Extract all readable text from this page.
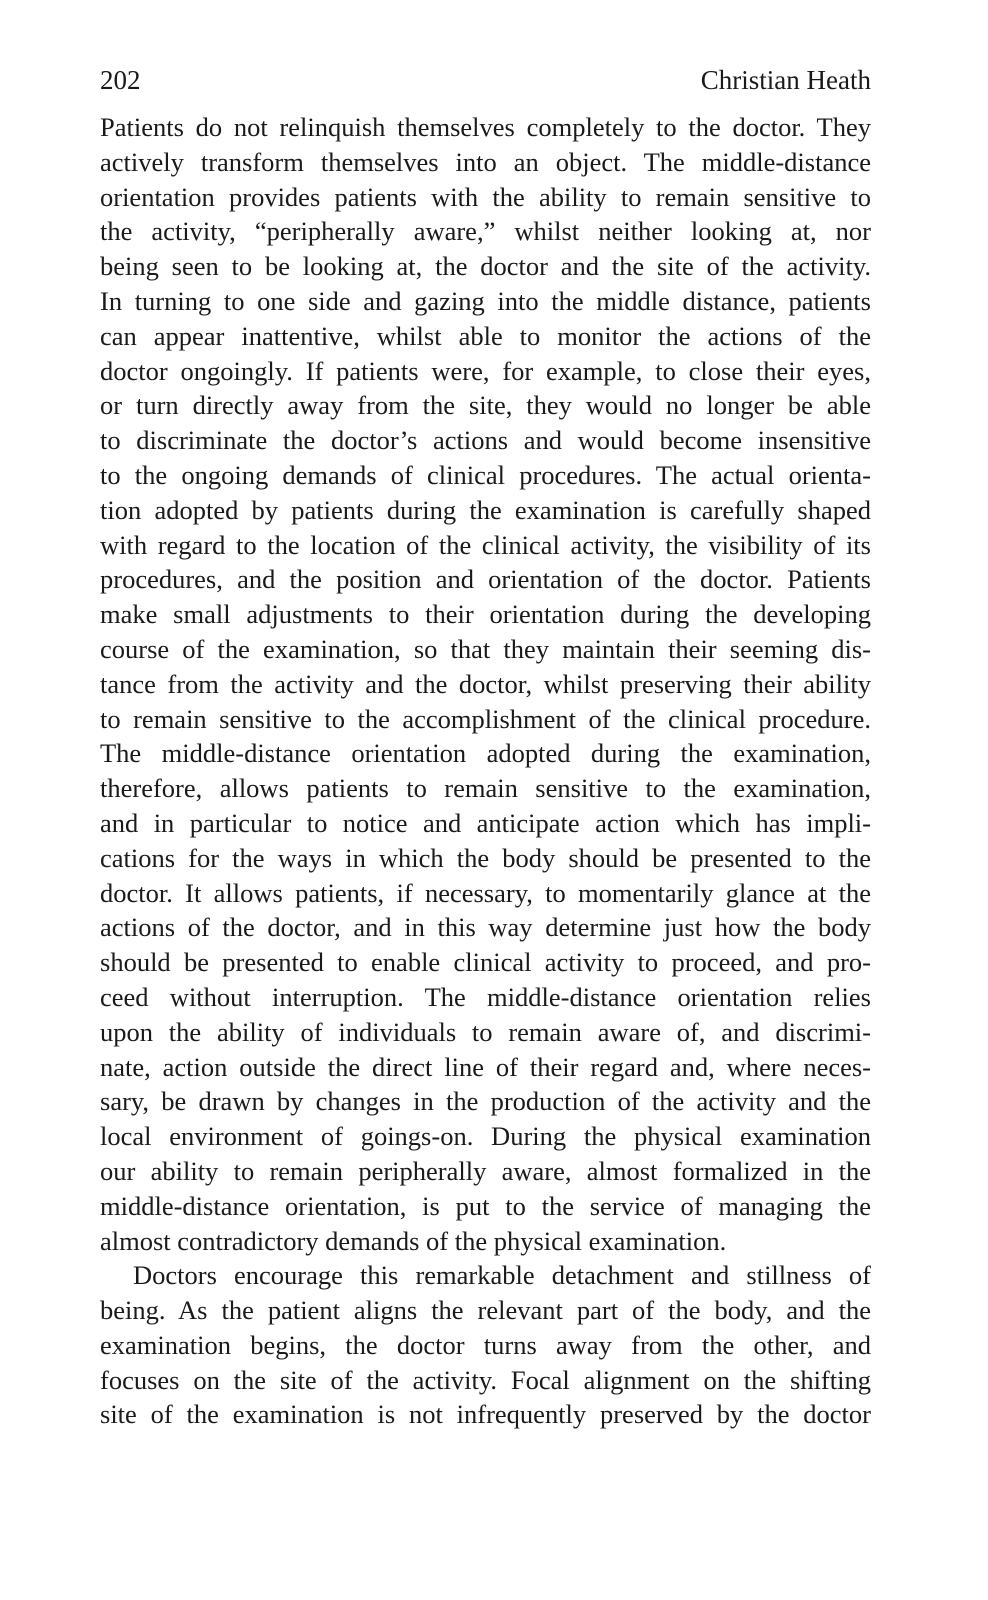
202	Christian Heath
Patients do not relinquish themselves completely to the doctor. They
actively transform themselves into an object. The middle-distance
orientation provides patients with the ability to remain sensitive to
the activity, “peripherally aware,” whilst neither looking at, nor
being seen to be looking at, the doctor and the site of the activity.
In turning to one side and gazing into the middle distance, patients
can appear inattentive, whilst able to monitor the actions of the
doctor ongoingly. If patients were, for example, to close their eyes,
or turn directly away from the site, they would no longer be able
to discriminate the doctor’s actions and would become insensitive
to the ongoing demands of clinical procedures. The actual orienta-
tion adopted by patients during the examination is carefully shaped
with regard to the location of the clinical activity, the visibility of its
procedures, and the position and orientation of the doctor. Patients
make small adjustments to their orientation during the developing
course of the examination, so that they maintain their seeming dis-
tance from the activity and the doctor, whilst preserving their ability
to remain sensitive to the accomplishment of the clinical procedure.
The middle-distance orientation adopted during the examination,
therefore, allows patients to remain sensitive to the examination,
and in particular to notice and anticipate action which has impli-
cations for the ways in which the body should be presented to the
doctor. It allows patients, if necessary, to momentarily glance at the
actions of the doctor, and in this way determine just how the body
should be presented to enable clinical activity to proceed, and pro-
ceed without interruption. The middle-distance orientation relies
upon the ability of individuals to remain aware of, and discrimi-
nate, action outside the direct line of their regard and, where neces-
sary, be drawn by changes in the production of the activity and the
local environment of goings-on. During the physical examination
our ability to remain peripherally aware, almost formalized in the
middle-distance orientation, is put to the service of managing the
almost contradictory demands of the physical examination.
Doctors encourage this remarkable detachment and stillness of
being. As the patient aligns the relevant part of the body, and the
examination begins, the doctor turns away from the other, and
focuses on the site of the activity. Focal alignment on the shifting
site of the examination is not infrequently preserved by the doctor
